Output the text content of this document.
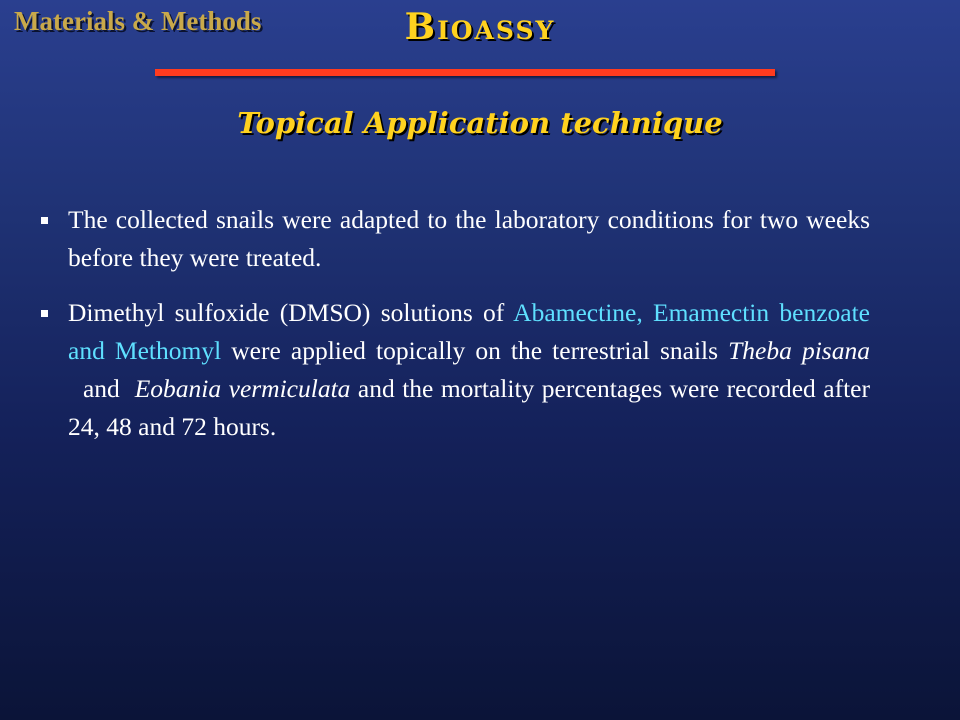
Materials & Methods	Bioassy
Topical Application technique
The collected snails were adapted to the laboratory conditions for two weeks before they were treated.
Dimethyl sulfoxide (DMSO) solutions of Abamectine, Emamectin benzoate and Methomyl were applied topically on the terrestrial snails Theba pisana  and  Eobania vermiculata and the mortality percentages were recorded after 24, 48 and 72 hours.
